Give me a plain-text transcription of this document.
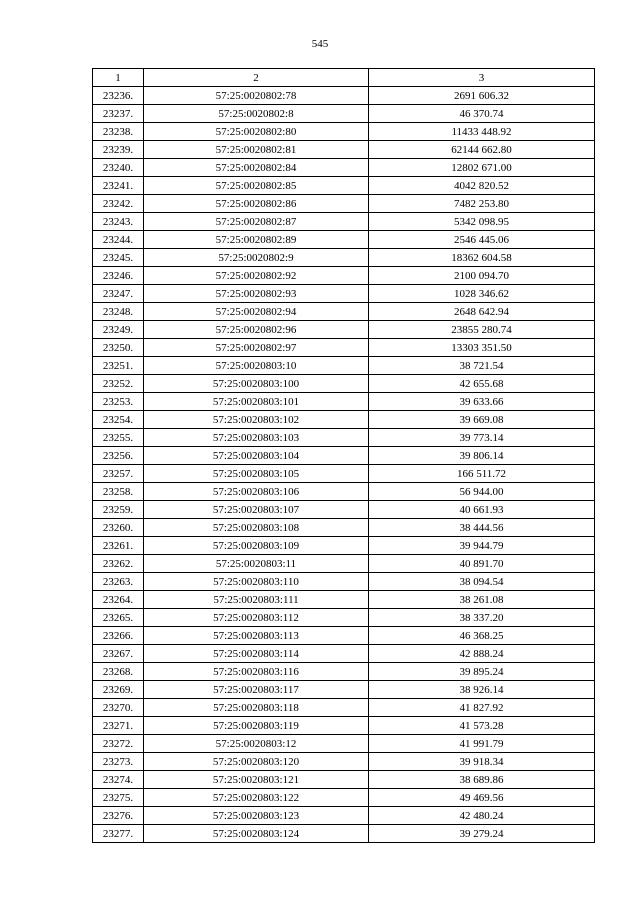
545
1	2	3
23236.	57:25:0020802:78	2691 606.32
23237.	57:25:0020802:8	46 370.74
23238.	57:25:0020802:80	11433 448.92
23239.	57:25:0020802:81	62144 662.80
23240.	57:25:0020802:84	12802 671.00
23241.	57:25:0020802:85	4042 820.52
23242.	57:25:0020802:86	7482 253.80
23243.	57:25:0020802:87	5342 098.95
23244.	57:25:0020802:89	2546 445.06
23245.	57:25:0020802:9	18362 604.58
23246.	57:25:0020802:92	2100 094.70
23247.	57:25:0020802:93	1028 346.62
23248.	57:25:0020802:94	2648 642.94
23249.	57:25:0020802:96	23855 280.74
23250.	57:25:0020802:97	13303 351.50
23251.	57:25:0020803:10	38 721.54
23252.	57:25:0020803:100	42 655.68
23253.	57:25:0020803:101	39 633.66
23254.	57:25:0020803:102	39 669.08
23255.	57:25:0020803:103	39 773.14
23256.	57:25:0020803:104	39 806.14
23257.	57:25:0020803:105	166 511.72
23258.	57:25:0020803:106	56 944.00
23259.	57:25:0020803:107	40 661.93
23260.	57:25:0020803:108	38 444.56
23261.	57:25:0020803:109	39 944.79
23262.	57:25:0020803:11	40 891.70
23263.	57:25:0020803:110	38 094.54
23264.	57:25:0020803:111	38 261.08
23265.	57:25:0020803:112	38 337.20
23266.	57:25:0020803:113	46 368.25
23267.	57:25:0020803:114	42 888.24
23268.	57:25:0020803:116	39 895.24
23269.	57:25:0020803:117	38 926.14
23270.	57:25:0020803:118	41 827.92
23271.	57:25:0020803:119	41 573.28
23272.	57:25:0020803:12	41 991.79
23273.	57:25:0020803:120	39 918.34
23274.	57:25:0020803:121	38 689.86
23275.	57:25:0020803:122	49 469.56
23276.	57:25:0020803:123	42 480.24
23277.	57:25:0020803:124	39 279.24
